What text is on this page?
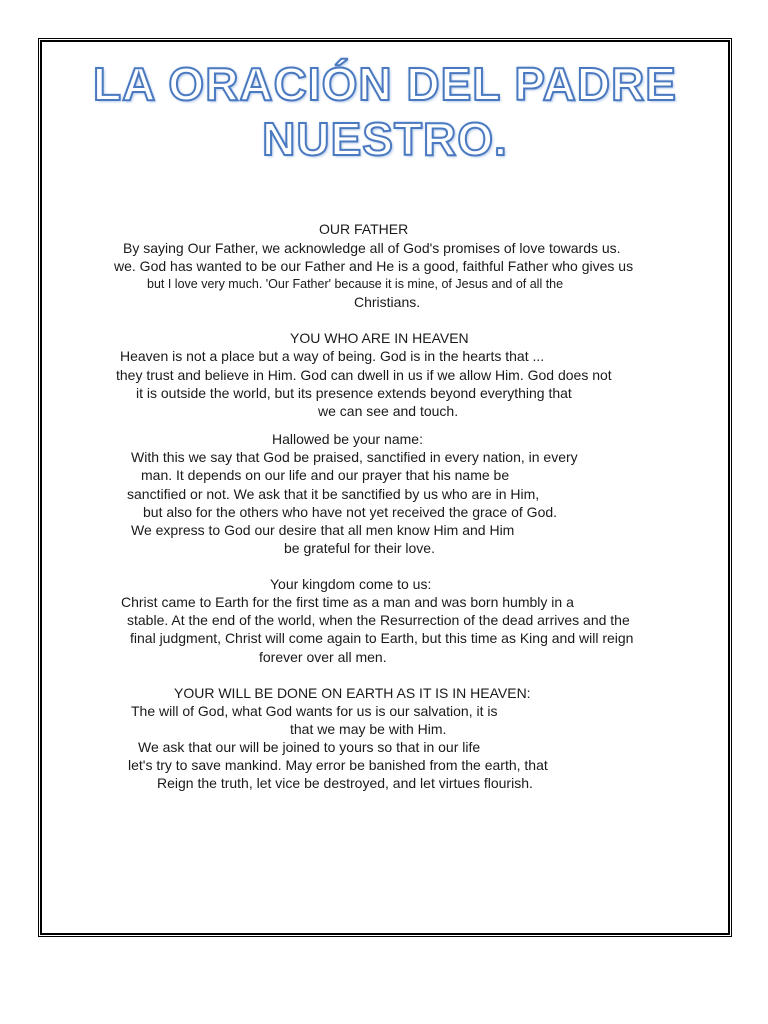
LA ORACIÓN DEL PADRE
NUESTRO.

OUR FATHER

By saying Our Father, we acknowledge all of God's promises of love towards us.

we. God has wanted to be our Father and He is a good, faithful Father who gives us

but I love very much. 'Our Father' because it is mine, of Jesus and of all the

Christians.

YOU WHO ARE IN HEAVEN

Heaven is not a place but a way of being. God is in the hearts that ...

they trust and believe in Him. God can dwell in us if we allow Him. God does not

it is outside the world, but its presence extends beyond everything that

we can see and touch.

Hallowed be your name:

With this we say that God be praised, sanctified in every nation, in every

man. It depends on our life and our prayer that his name be

sanctified or not. We ask that it be sanctified by us who are in Him,

but also for the others who have not yet received the grace of God.

We express to God our desire that all men know Him and Him

be grateful for their love.

Your kingdom come to us:

Christ came to Earth for the first time as a man and was born humbly in a

stable. At the end of the world, when the Resurrection of the dead arrives and the

final judgment, Christ will come again to Earth, but this time as King and will reign

forever over all men.

YOUR WILL BE DONE ON EARTH AS IT IS IN HEAVEN:

The will of God, what God wants for us is our salvation, it is

that we may be with Him.

We ask that our will be joined to yours so that in our life

let's try to save mankind. May error be banished from the earth, that

Reign the truth, let vice be destroyed, and let virtues flourish.
